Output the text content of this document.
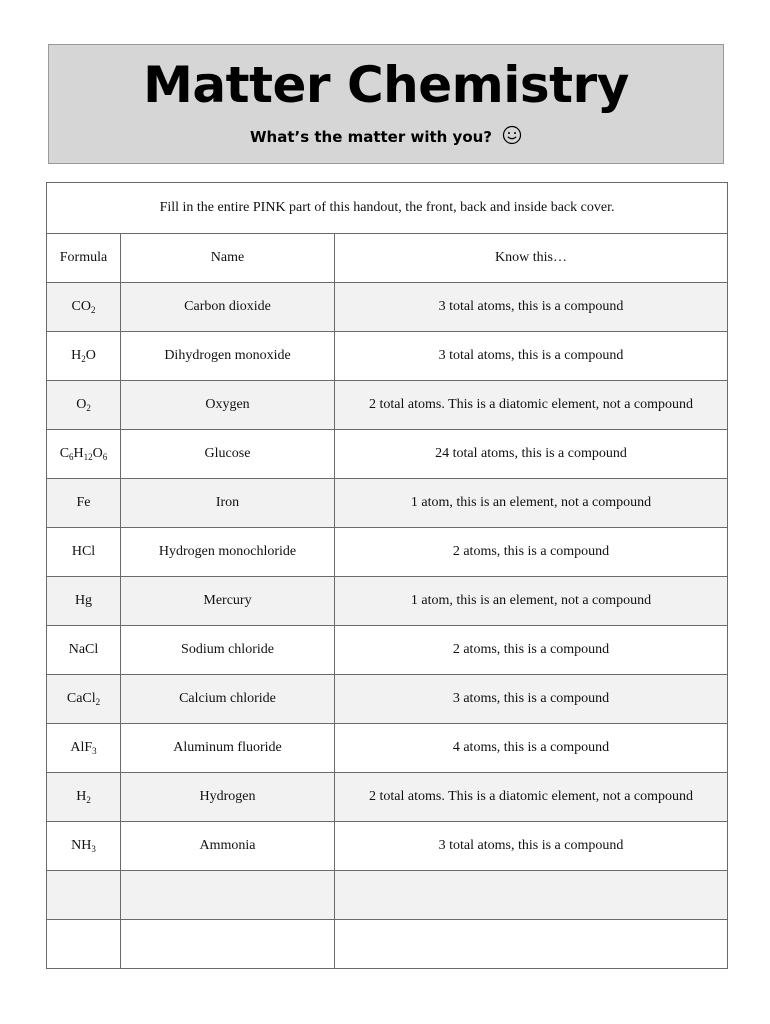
Matter Chemistry
What’s the matter with you?
Fill in the entire PINK part of this handout, the front, back and inside back cover.		
Formula	Name	Know this…
$CO_2$	Carbon dioxide	3 total atoms, this is a compound
$H_2O$	Dihydrogen monoxide	3 total atoms, this is a compound
$O_2$	Oxygen	2 total atoms. This is a diatomic element, not a compound
$C_6H_{12}O_6$	Glucose	24 total atoms, this is a compound
Fe	Iron	1 atom, this is an element, not a compound
HCl	Hydrogen monochloride	2 atoms, this is a compound
Hg	Mercury	1 atom, this is an element, not a compound
NaCl	Sodium chloride	2 atoms, this is a compound
CaCl$_2$	Calcium chloride	3 atoms, this is a compound
AlF$_3$	Aluminum fluoride	4 atoms, this is a compound
$H_2$	Hydrogen	2 total atoms. This is a diatomic element, not a compound
$NH_3$	Ammonia	3 total atoms, this is a compound
